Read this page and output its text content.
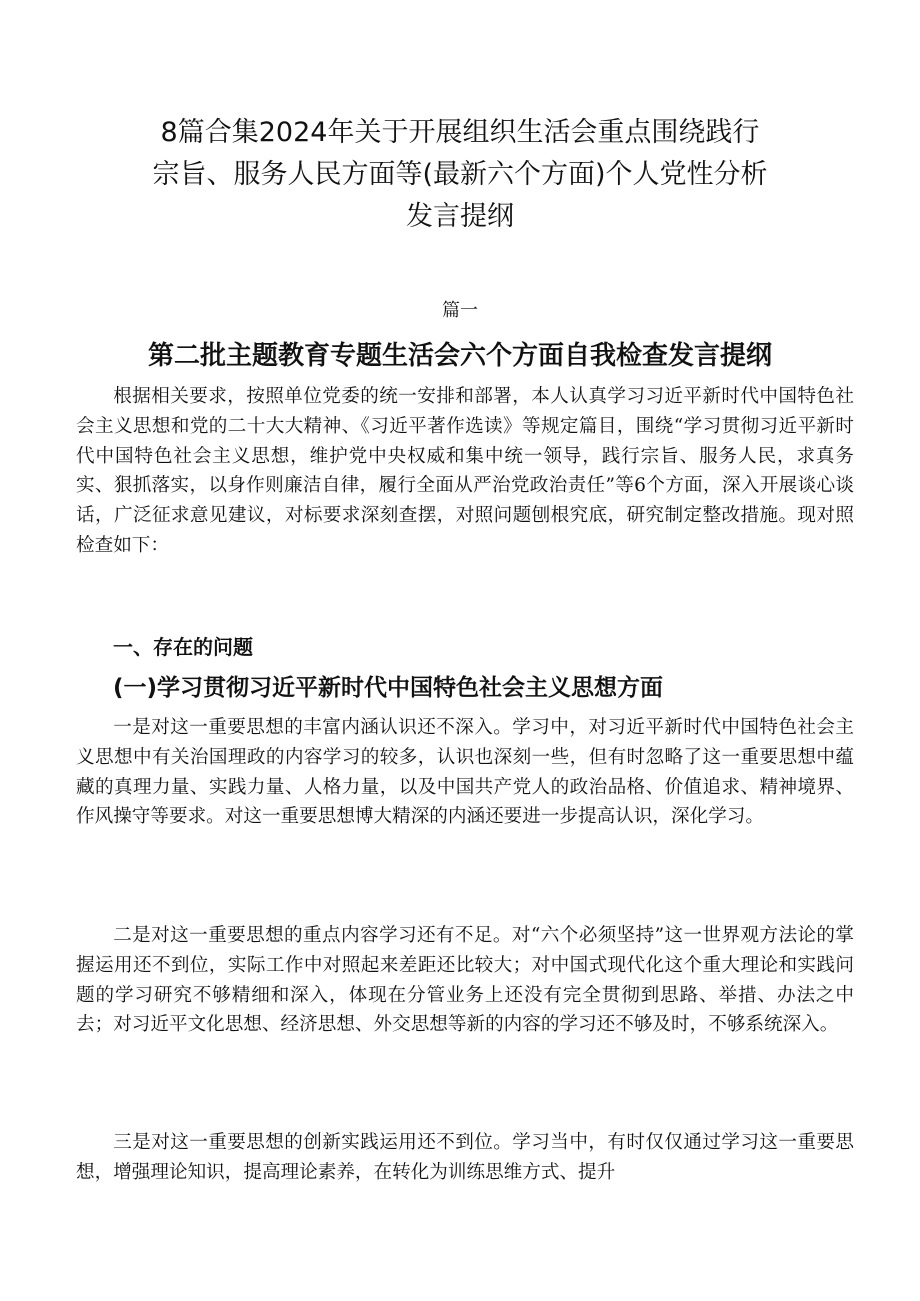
8篇合集2024年关于开展组织生活会重点围绕践行宗旨、服务人民方面等(最新六个方面)个人党性分析发言提纲
篇一
第二批主题教育专题生活会六个方面自我检查发言提纲

根据相关要求，按照单位党委的统一安排和部署，本人认真学习习近平新时代中国特色社会主义思想和党的二十大大精神、《习近平著作选读》等规定篇目，围绕“学习贯彻习近平新时代中国特色社会主义思想，维护党中央权威和集中统一领导，践行宗旨、服务人民，求真务实、狠抓落实，以身作则廉洁自律，履行全面从严治党政治责任”等6个方面，深入开展谈心谈话，广泛征求意见建议，对标要求深刻查摆，对照问题刨根究底，研究制定整改措施。现对照检查如下：

一、存在的问题
(一)学习贯彻习近平新时代中国特色社会主义思想方面

一是对这一重要思想的丰富内涵认识还不深入。学习中，对习近平新时代中国特色社会主义思想中有关治国理政的内容学习的较多，认识也深刻一些，但有时忽略了这一重要思想中蕴藏的真理力量、实践力量、人格力量，以及中国共产党人的政治品格、价值追求、精神境界、作风操守等要求。对这一重要思想博大精深的内涵还要进一步提高认识，深化学习。

二是对这一重要思想的重点内容学习还有不足。对“六个必须坚持”这一世界观方法论的掌握运用还不到位，实际工作中对照起来差距还比较大；对中国式现代化这个重大理论和实践问题的学习研究不够精细和深入，体现在分管业务上还没有完全贯彻到思路、举措、办法之中去；对习近平文化思想、经济思想、外交思想等新的内容的学习还不够及时，不够系统深入。

三是对这一重要思想的创新实践运用还不到位。学习当中，有时仅仅通过学习这一重要思想，增强理论知识，提高理论素养，在转化为训练思维方式、提升
